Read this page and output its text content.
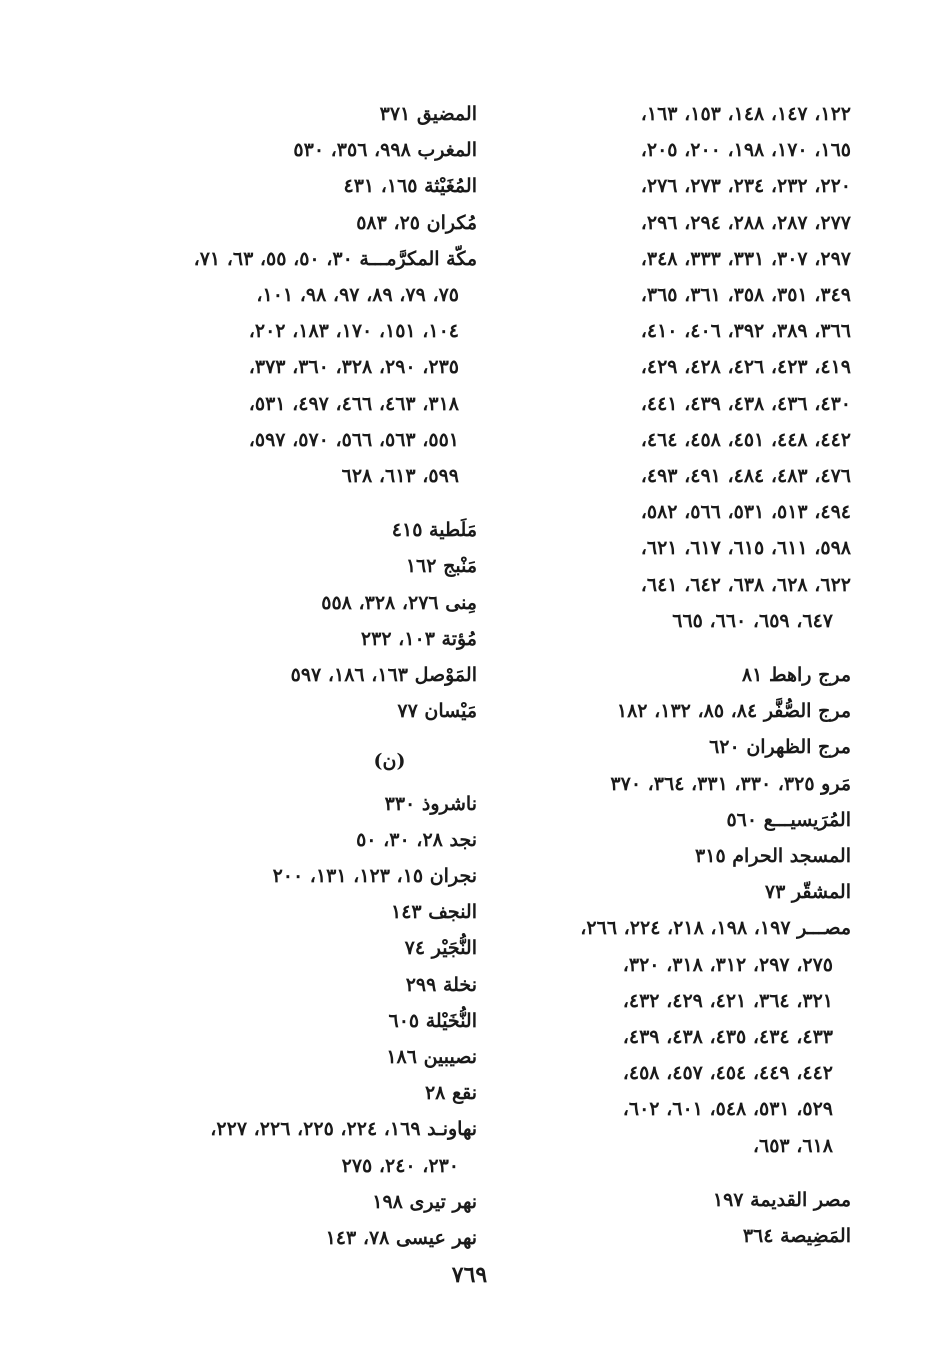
۱۲۲، ۱٤۷، ۱٤۸، ۱٥۳، ۱٦۳،
۱٦٥، ۱۷۰، ۱۹۸، ۲۰۰، ۲۰٥،
۲۲۰، ۲۳۲، ۲۳٤، ۲۷۳، ۲۷٦،
۲۷۷، ۲۸۷، ۲۸۸، ۲۹٤، ۲۹٦،
۲۹۷، ۳۰۷، ۳۳۱، ۳۳۳، ۳٤۸،
۳٤۹، ۳٥۱، ۳٥۸، ۳٦۱، ۳٦٥،
۳٦٦، ۳۸۹، ۳۹۲، ٤۰٦، ٤۱۰،
٤۱۹، ٤۲۳، ٤۲٦، ٤۲۸، ٤۲۹،
٤۳۰، ٤۳٦، ٤۳۸، ٤۳۹، ٤٤۱،
٤٤۲، ٤٤۸، ٤٥۱، ٤٥۸، ٤٦٤،
٤۷٦، ٤۸۳، ٤۸٤، ٤۹۱، ٤۹۳،
٤۹٤، ٥۱۳، ٥۳۱، ٥٦٦، ٥۸۲،
٥۹۸، ٦۱۱، ٦۱٥، ٦۱۷، ٦۲۱،
٦۲۲، ٦۲۸، ٦۳۸، ٦٤۲، ٦٤۱،
٦٤۷، ٦٥۹، ٦٦۰، ٦٦٥
مرج راهط ۸۱
مرج الصُّفَّر ۸٤، ۸٥، ۱۳۲، ۱۸۲
مرج الظهران ٦۲۰
مَرو ۳۲٥، ۳۳۰، ۳۳۱، ۳٦٤، ۳۷۰
المُرَيسيـــع ٥٦۰
المسجد الحرام ۳۱٥
المشقّر ۷۳
مصـــر ۱۹۷، ۱۹۸، ۲۱۸، ۲۲٤، ۲٦٦،
۲۷٥، ۲۹۷، ۳۱۲، ۳۱۸، ۳۲۰،
۳۲۱، ۳٦٤، ٤۲۱، ٤۲۹، ٤۳۲،
٤۳۳، ٤۳٤، ٤۳٥، ٤۳۸، ٤۳۹،
٤٤۲، ٤٤۹، ٤٥٤، ٤٥۷، ٤٥۸،
٥۲۹، ٥۳۱، ٥٤۸، ٦۰۱، ٦۰۲،
٦۱۸، ٦٥۳،
مصر القديمة ۱۹۷
المَضِيصة ۳٦٤
المضيق ۳۷۱
المغرب ۹۹۸، ۳٥٦، ٥۳۰
المُغَيْثة ۱٦٥، ٤۳۱
مُكران ۲٥، ٥۸۳
مكّة المكرَّمـــة ۳۰، ٥۰، ٥٥، ٦۳، ۷۱،
۷٥، ۷۹، ۸۹، ۹۷، ۹۸، ۱۰۱،
۱۰٤، ۱٥۱، ۱۷۰، ۱۸۳، ۲۰۲،
۲۳٥، ۲۹۰، ۳۲۸، ۳٦۰، ۳۷۳،
۳۱۸، ٤٦۳، ٤٦٦، ٤۹۷، ٥۳۱،
٥٥۱، ٥٦۳، ٥٦٦، ٥۷۰، ٥۹۷،
٥۹۹، ٦۱۳، ٦۲۸
مَلَطية ٤۱٥
مَنْبج ۱٦۲
مِنى ۲۷٦، ۳۲۸، ٥٥۸
مُؤتة ۱۰۳، ۲۳۲
المَوْصل ۱٦۳، ۱۸٦، ٥۹۷
مَيْسان ۷۷
(ن)
ناشروذ ۳۳۰
نجد ۲۸، ۳۰، ٥۰
نجران ۱٥، ۱۲۳، ۱۳۱، ۲۰۰
النجف ۱٤۳
النُّجَيْر ۷٤
نخلة ۲۹۹
النُّخَيْلة ٦۰٥
نصيبين ۱۸٦
نقع ۲۸
نهاونـد ۱٦۹، ۲۲٤، ۲۲٥، ۲۲٦، ۲۲۷،
۲۳۰، ۲٤۰، ۲۷٥
نهر تيرى ۱۹۸
نهر عيسى ۷۸، ۱٤۳
۷٦۹
